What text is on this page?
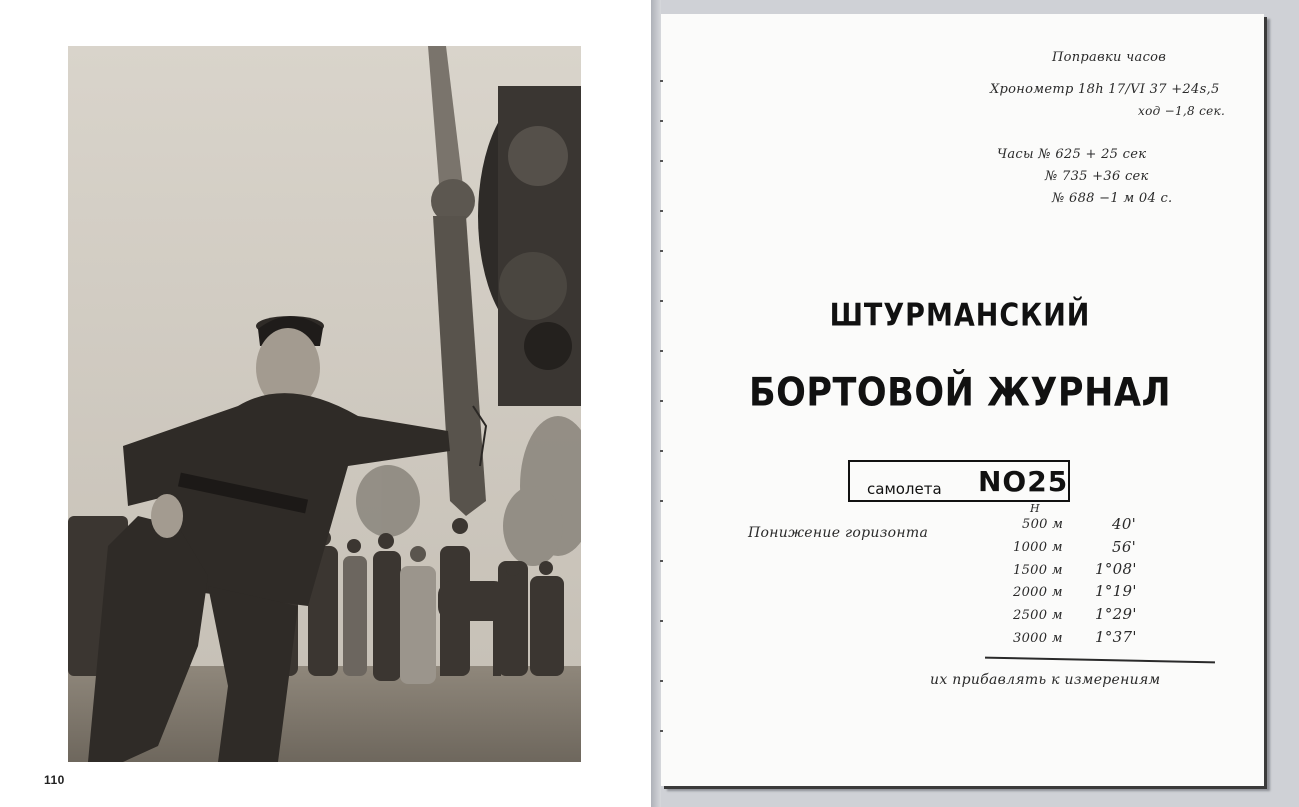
110
Поправки часов
Хронометр 18h 17/VI 37 +24s,5
ход −1,8 сек.
Часы № 625 + 25 сек
№ 735 +36 сек
№ 688 −1 м 04 с.
ШТУРМАНСКИЙ
БОРТОВОЙ ЖУРНАЛ
самолета NO25
H
Понижение горизонта
500 м	40'
1000 м	56'
1500 м 1°08'
2000 м 1°19'
2500 м 1°29'
3000 м 1°37'
их прибавлять к измерениям
